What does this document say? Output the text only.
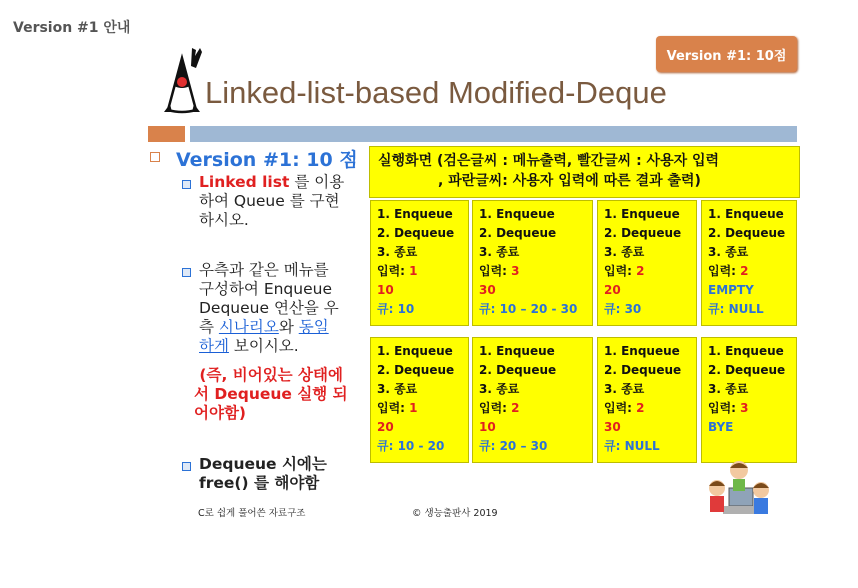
Version #1 안내
Version #1: 10점
Linked-list-based Modified-Deque
Version #1: 10 점
Linked list 를 이용
하여 Queue 를 구현
하시오.
우측과 같은 메뉴를
구성하여 Enqueue
Dequeue 연산을 우
측 시나리오와 동일
하게 보이시오.
(즉, 비어있는 상태에
서 Dequeue 실행 되
어야함)
Dequeue 시에는
free() 를 해야함
실행화면 (검은글씨 : 메뉴출력, 빨간글씨 : 사용자 입력
, 파란글씨: 사용자 입력에 따른 결과 출력)
1. Enqueue
2. Dequeue
3. 종료
입력: 1
10
큐: 10
1. Enqueue
2. Dequeue
3. 종료
입력: 3
30
큐: 10 – 20 - 30
1. Enqueue
2. Dequeue
3. 종료
입력: 2
20
큐: 30
1. Enqueue
2. Dequeue
3. 종료
입력: 2
EMPTY
큐: NULL
1. Enqueue
2. Dequeue
3. 종료
입력: 1
20
큐: 10 - 20
1. Enqueue
2. Dequeue
3. 종료
입력: 2
10
큐: 20 – 30
1. Enqueue
2. Dequeue
3. 종료
입력: 2
30
큐: NULL
1. Enqueue
2. Dequeue
3. 종료
입력: 3
BYE
C로 쉽게 풀어쓴 자료구조	© 생능출판사 2019
